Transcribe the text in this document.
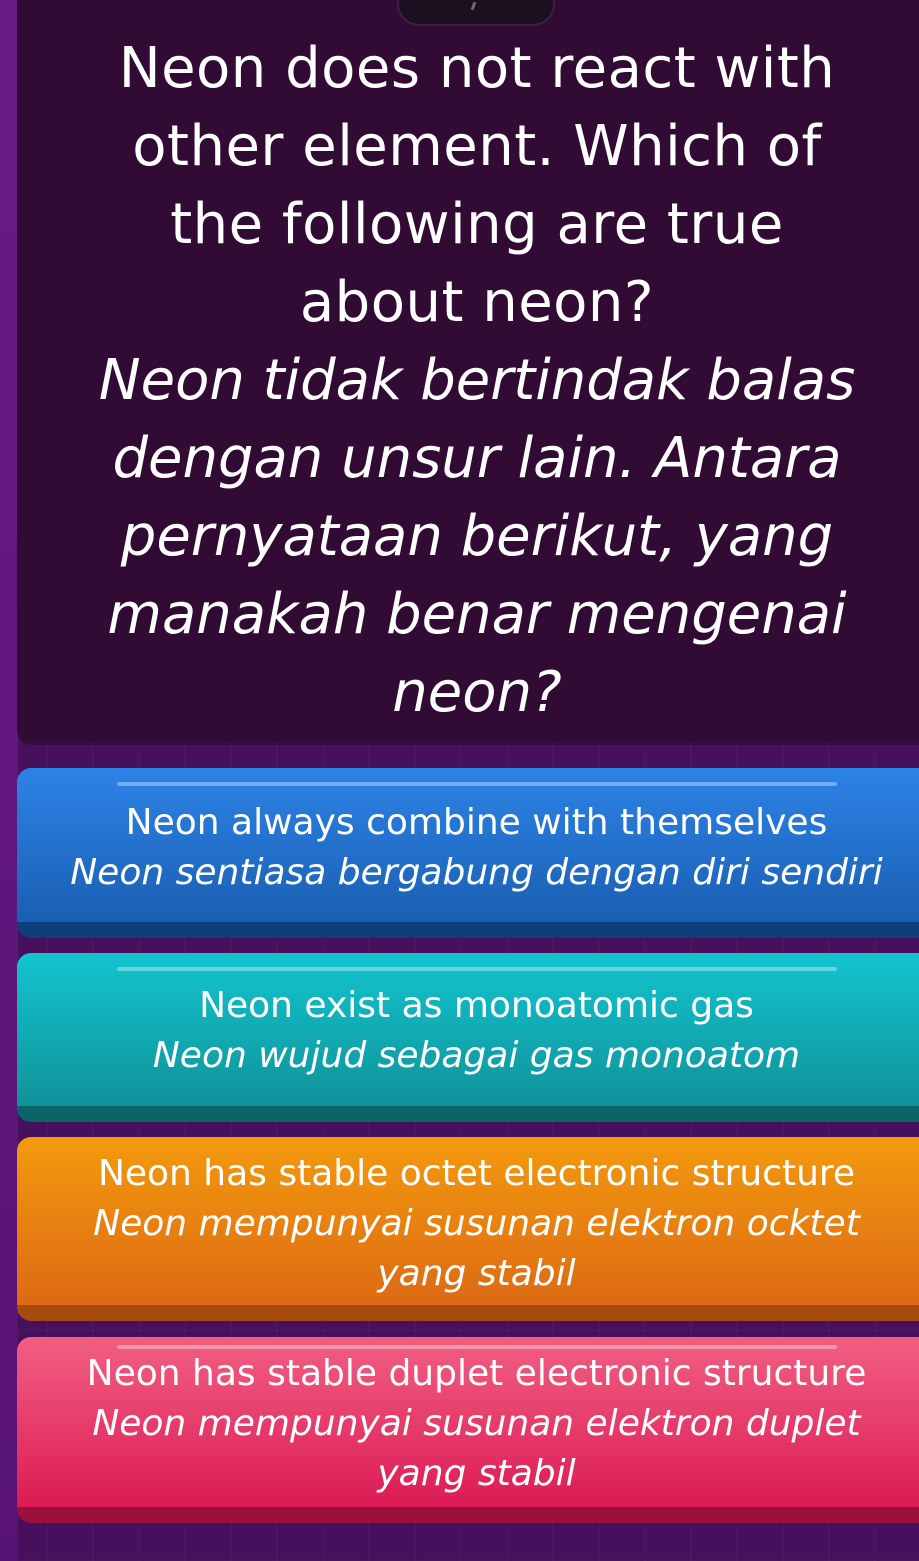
Neon does not react with other element. Which of the following are true about neon?

Neon tidak bertindak balas dengan unsur lain. Antara pernyataan berikut, yang manakah benar mengenai neon?

Neon always combine with themselves
Neon sentiasa bergabung dengan diri sendiri
Neon exist as monoatomic gas
Neon wujud sebagai gas monoatom
Neon has stable octet electronic structure
Neon mempunyai susunan elektron ocktet yang stabil
Neon has stable duplet electronic structure
Neon mempunyai susunan elektron duplet yang stabil
